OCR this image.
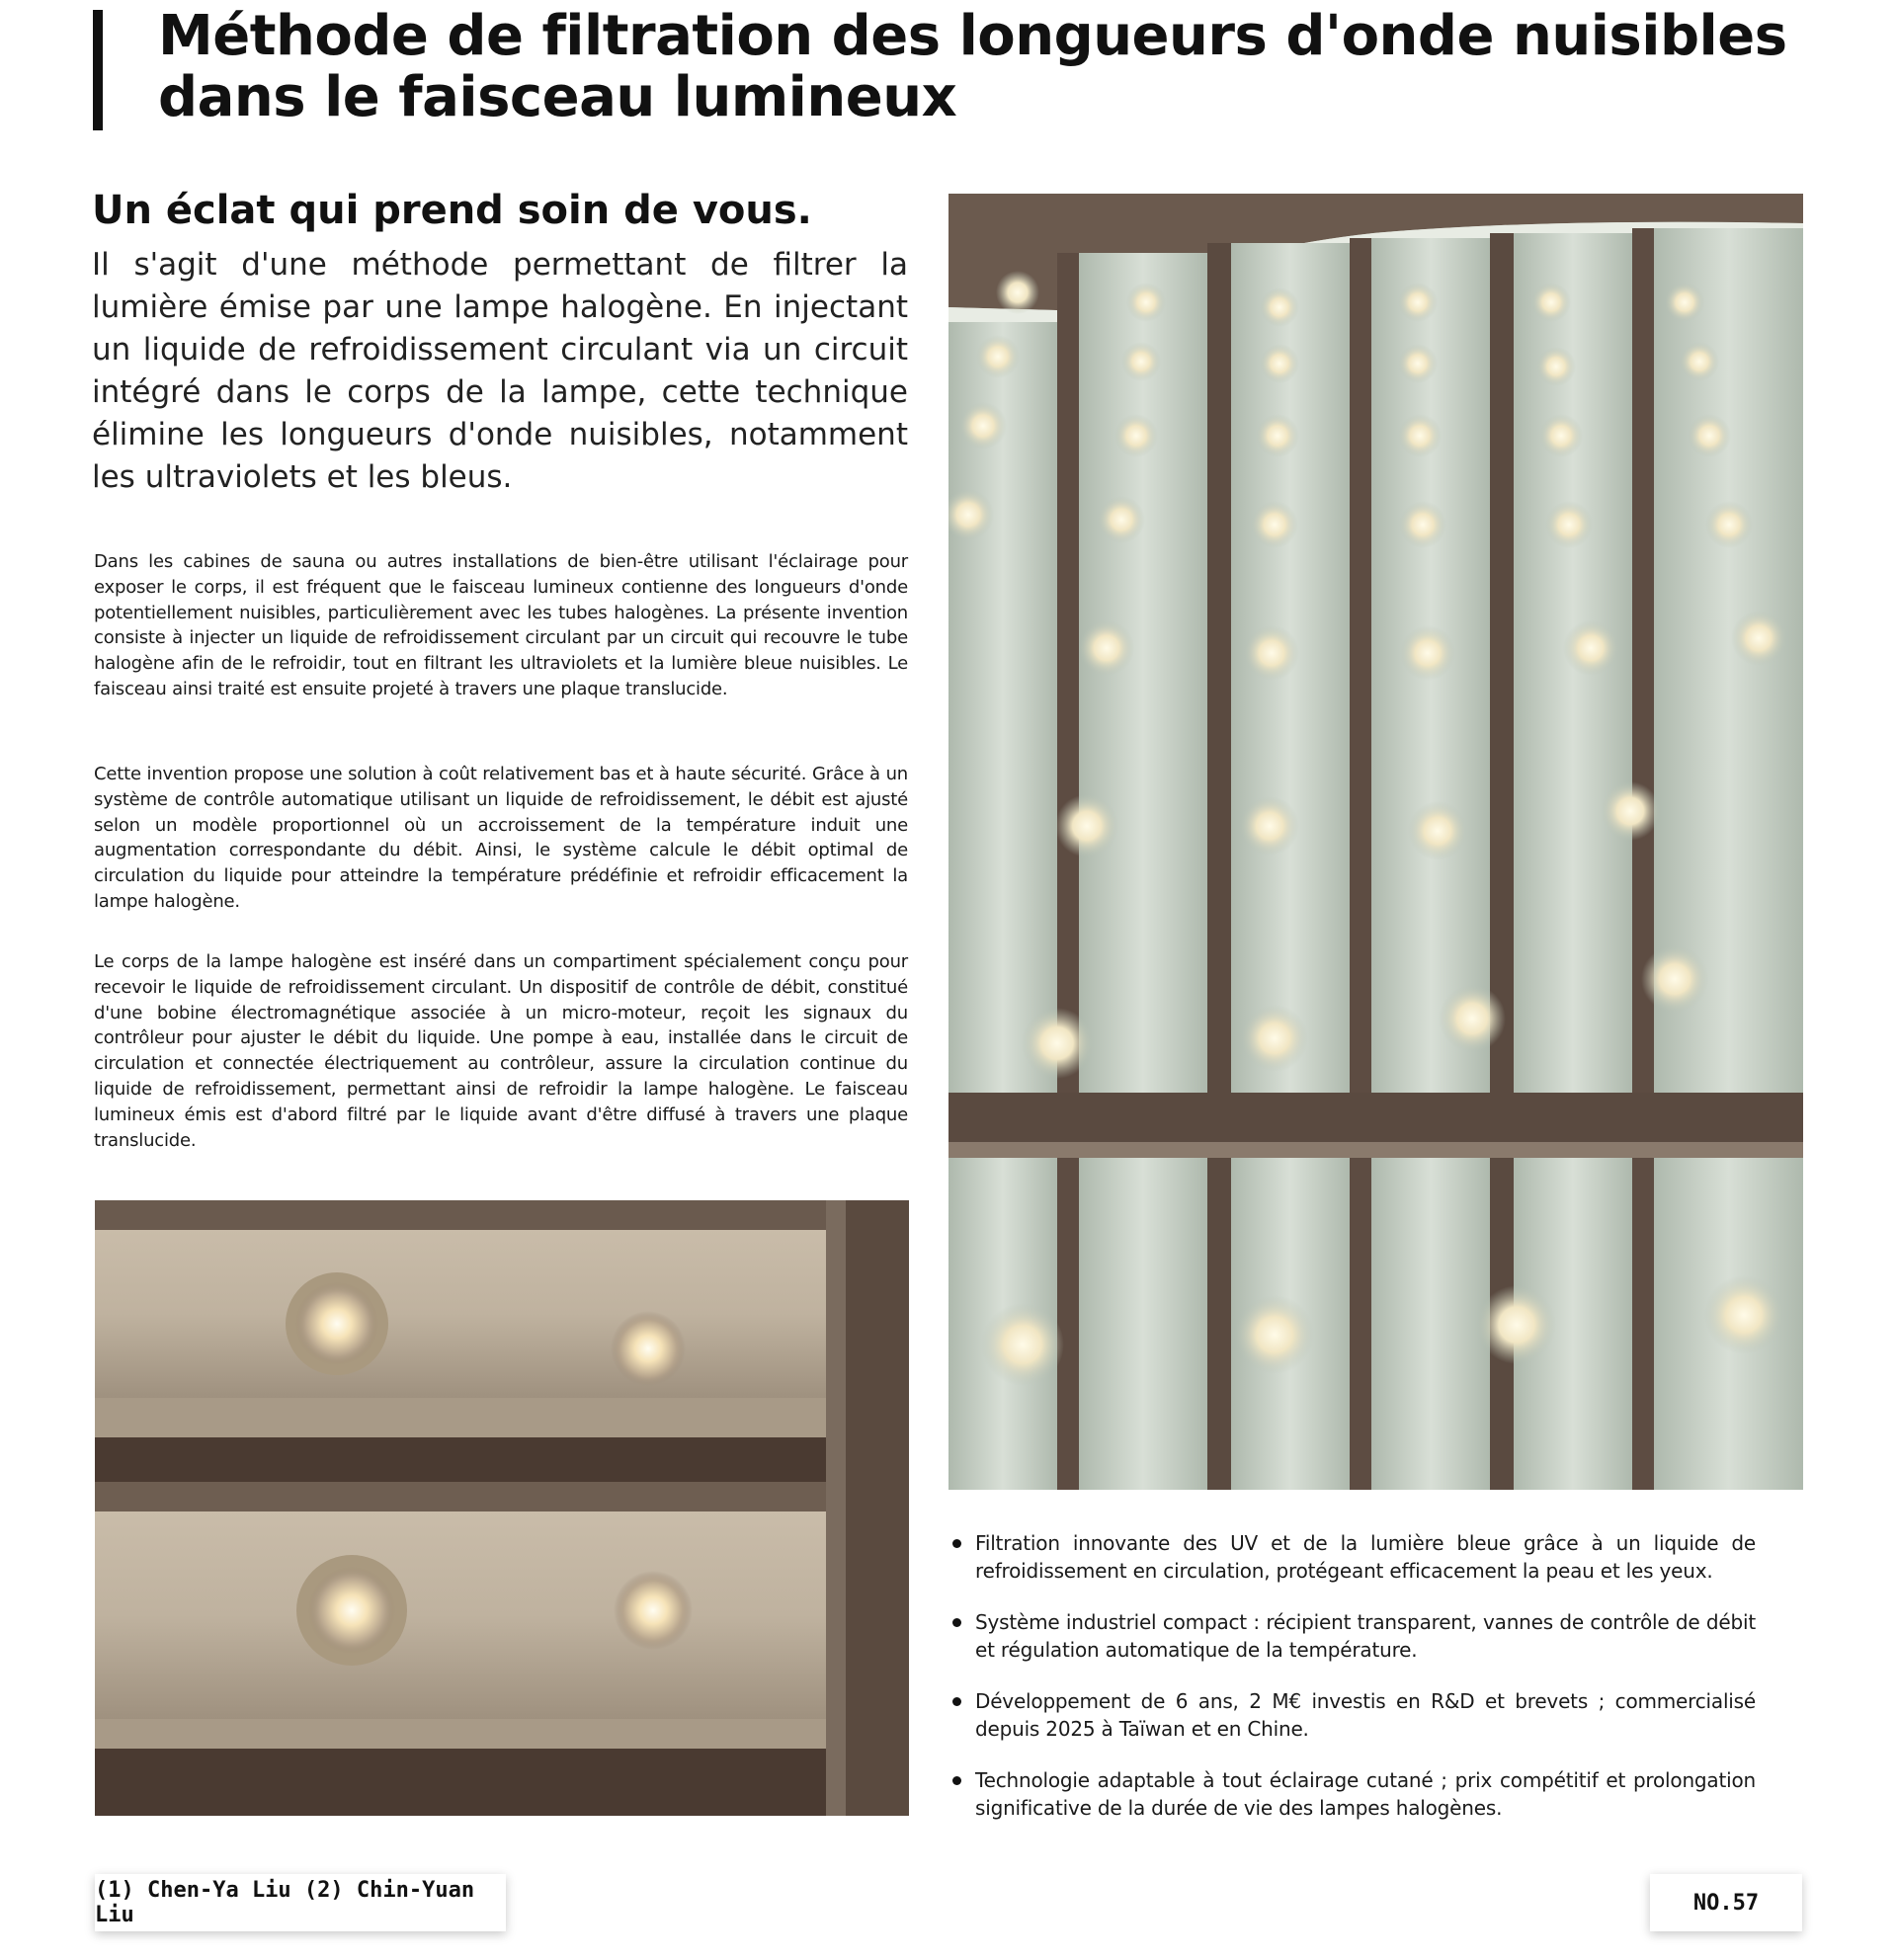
Méthode de filtration des longueurs d'onde nuisibles dans le faisceau lumineux
Un éclat qui prend soin de vous.

Il s'agit d'une méthode permettant de filtrer la lumière émise par une lampe halogène. En injectant un liquide de refroidissement circulant via un circuit intégré dans le corps de la lampe, cette technique élimine les longueurs d'onde nuisibles, notamment les ultraviolets et les bleus.

Dans les cabines de sauna ou autres installations de bien-être utilisant l'éclairage pour exposer le corps, il est fréquent que le faisceau lumineux contienne des longueurs d'onde potentiellement nuisibles, particulièrement avec les tubes halogènes. La présente invention consiste à injecter un liquide de refroidissement circulant par un circuit qui recouvre le tube halogène afin de le refroidir, tout en filtrant les ultraviolets et la lumière bleue nuisibles. Le faisceau ainsi traité est ensuite projeté à travers une plaque translucide.

Cette invention propose une solution à coût relativement bas et à haute sécurité. Grâce à un système de contrôle automatique utilisant un liquide de refroidissement, le débit est ajusté selon un modèle proportionnel où un accroissement de la température induit une augmentation correspondante du débit. Ainsi, le système calcule le débit optimal de circulation du liquide pour atteindre la température prédéfinie et refroidir efficacement la lampe halogène.

Le corps de la lampe halogène est inséré dans un compartiment spécialement conçu pour recevoir le liquide de refroidissement circulant. Un dispositif de contrôle de débit, constitué d'une bobine électromagnétique associée à un micro-moteur, reçoit les signaux du contrôleur pour ajuster le débit du liquide. Une pompe à eau, installée dans le circuit de circulation et connectée électriquement au contrôleur, assure la circulation continue du liquide de refroidissement, permettant ainsi de refroidir la lampe halogène. Le faisceau lumineux émis est d'abord filtré par le liquide avant d'être diffusé à travers une plaque translucide.

Filtration innovante des UV et de la lumière bleue grâce à un liquide de refroidissement en circulation, protégeant efficacement la peau et les yeux.
Système industriel compact : récipient transparent, vannes de contrôle de débit et régulation automatique de la température.
Développement de 6 ans, 2 M€ investis en R&D et brevets ; commercialisé depuis 2025 à Taïwan et en Chine.
Technologie adaptable à tout éclairage cutané ; prix compétitif et prolongation significative de la durée de vie des lampes halogènes.
(1) Chen-Ya Liu (2) Chin-Yuan Liu	NO.57
